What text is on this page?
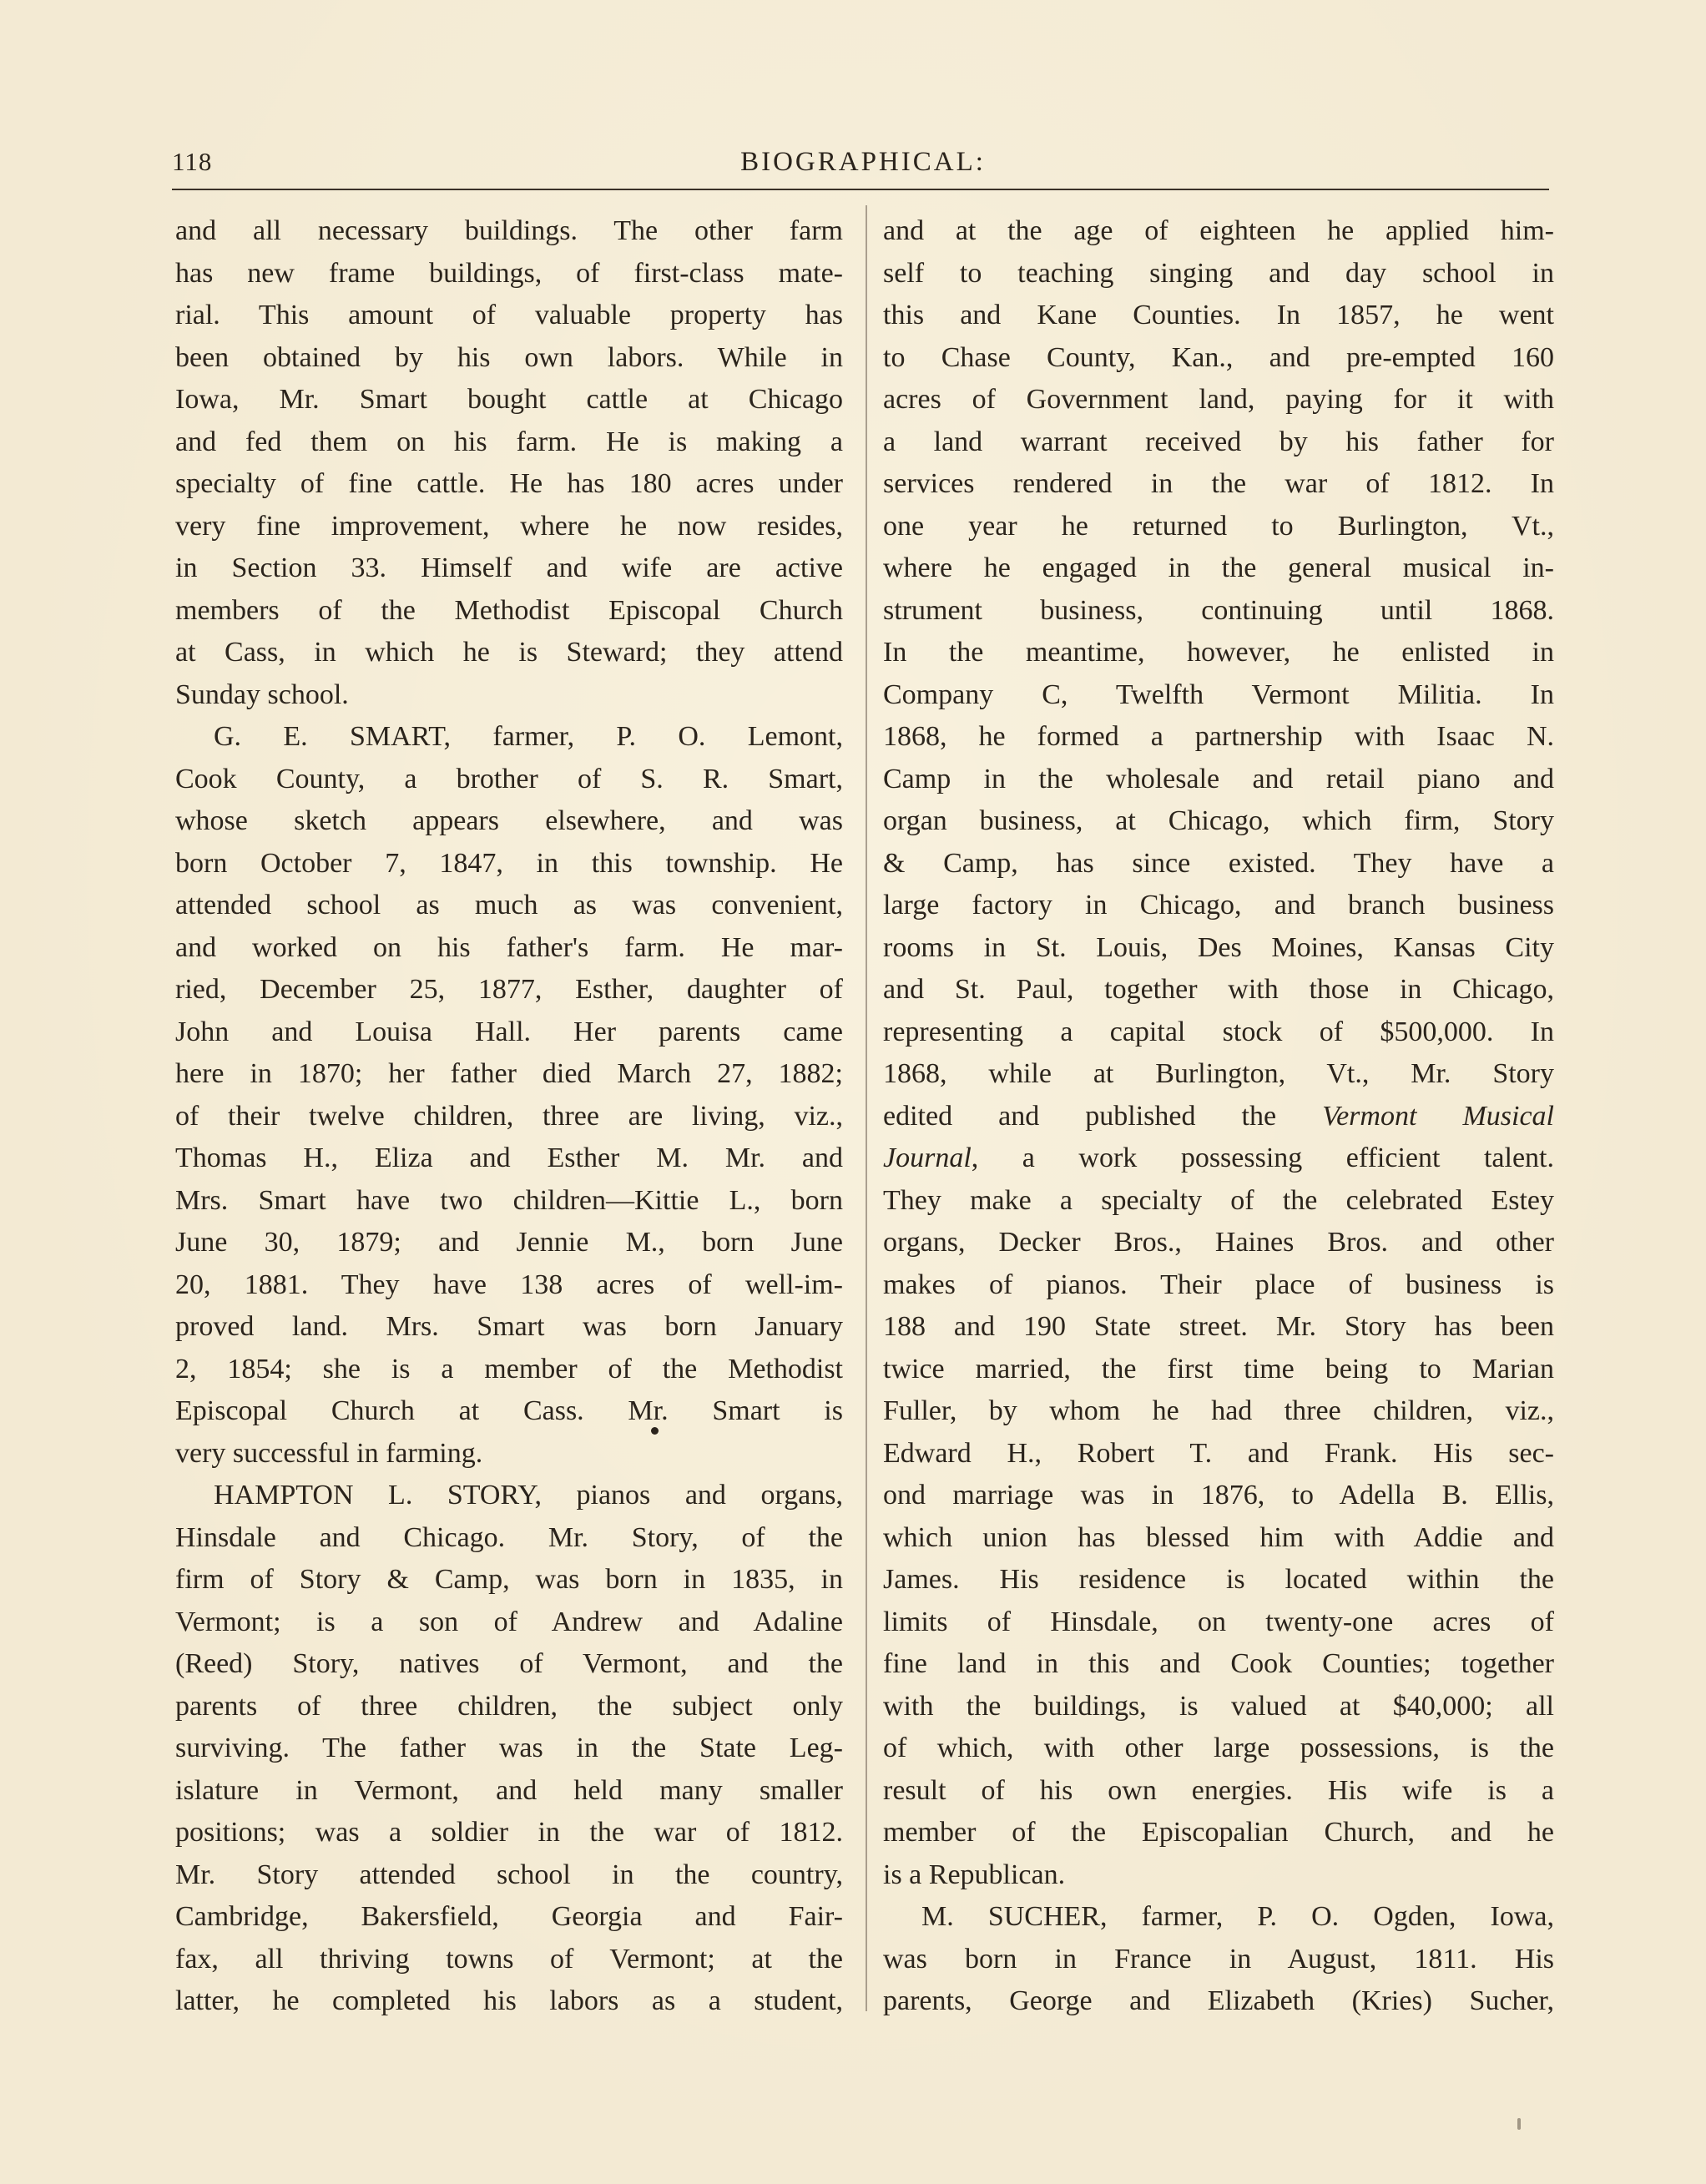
118	BIOGRAPHICAL:
and all necessary buildings. The other farm
has new frame buildings, of first-class mate-
rial. This amount of valuable property has
been obtained by his own labors. While in
Iowa, Mr. Smart bought cattle at Chicago
and fed them on his farm. He is making a
specialty of fine cattle. He has 180 acres under
very fine improvement, where he now resides,
in Section 33. Himself and wife are active
members of the Methodist Episcopal Church
at Cass, in which he is Steward; they attend
Sunday school.
G. E. SMART, farmer, P. O. Lemont,
Cook County, a brother of S. R. Smart,
whose sketch appears elsewhere, and was
born October 7, 1847, in this township. He
attended school as much as was convenient,
and worked on his father's farm. He mar-
ried, December 25, 1877, Esther, daughter of
John and Louisa Hall. Her parents came
here in 1870; her father died March 27, 1882;
of their twelve children, three are living, viz.,
Thomas H., Eliza and Esther M. Mr. and
Mrs. Smart have two children—Kittie L., born
June 30, 1879; and Jennie M., born June
20, 1881. They have 138 acres of well-im-
proved land. Mrs. Smart was born January
2, 1854; she is a member of the Methodist
Episcopal Church at Cass. Mr. Smart is
very successful in farming.
HAMPTON L. STORY, pianos and organs,
Hinsdale and Chicago. Mr. Story, of the
firm of Story & Camp, was born in 1835, in
Vermont; is a son of Andrew and Adaline
(Reed) Story, natives of Vermont, and the
parents of three children, the subject only
surviving. The father was in the State Leg-
islature in Vermont, and held many smaller
positions; was a soldier in the war of 1812.
Mr. Story attended school in the country,
Cambridge, Bakersfield, Georgia and Fair-
fax, all thriving towns of Vermont; at the
latter, he completed his labors as a student,
and at the age of eighteen he applied him-
self to teaching singing and day school in
this and Kane Counties. In 1857, he went
to Chase County, Kan., and pre-empted 160
acres of Government land, paying for it with
a land warrant received by his father for
services rendered in the war of 1812. In
one year he returned to Burlington, Vt.,
where he engaged in the general musical in-
strument business, continuing until 1868.
In the meantime, however, he enlisted in
Company C, Twelfth Vermont Militia. In
1868, he formed a partnership with Isaac N.
Camp in the wholesale and retail piano and
organ business, at Chicago, which firm, Story
& Camp, has since existed. They have a
large factory in Chicago, and branch business
rooms in St. Louis, Des Moines, Kansas City
and St. Paul, together with those in Chicago,
representing a capital stock of $500,000. In
1868, while at Burlington, Vt., Mr. Story
edited and published the Vermont Musical
Journal, a work possessing efficient talent.
They make a specialty of the celebrated Estey
organs, Decker Bros., Haines Bros. and other
makes of pianos. Their place of business is
188 and 190 State street. Mr. Story has been
twice married, the first time being to Marian
Fuller, by whom he had three children, viz.,
Edward H., Robert T. and Frank. His sec-
ond marriage was in 1876, to Adella B. Ellis,
which union has blessed him with Addie and
James. His residence is located within the
limits of Hinsdale, on twenty-one acres of
fine land in this and Cook Counties; together
with the buildings, is valued at $40,000; all
of which, with other large possessions, is the
result of his own energies. His wife is a
member of the Episcopalian Church, and he
is a Republican.
M. SUCHER, farmer, P. O. Ogden, Iowa,
was born in France in August, 1811. His
parents, George and Elizabeth (Kries) Sucher,
